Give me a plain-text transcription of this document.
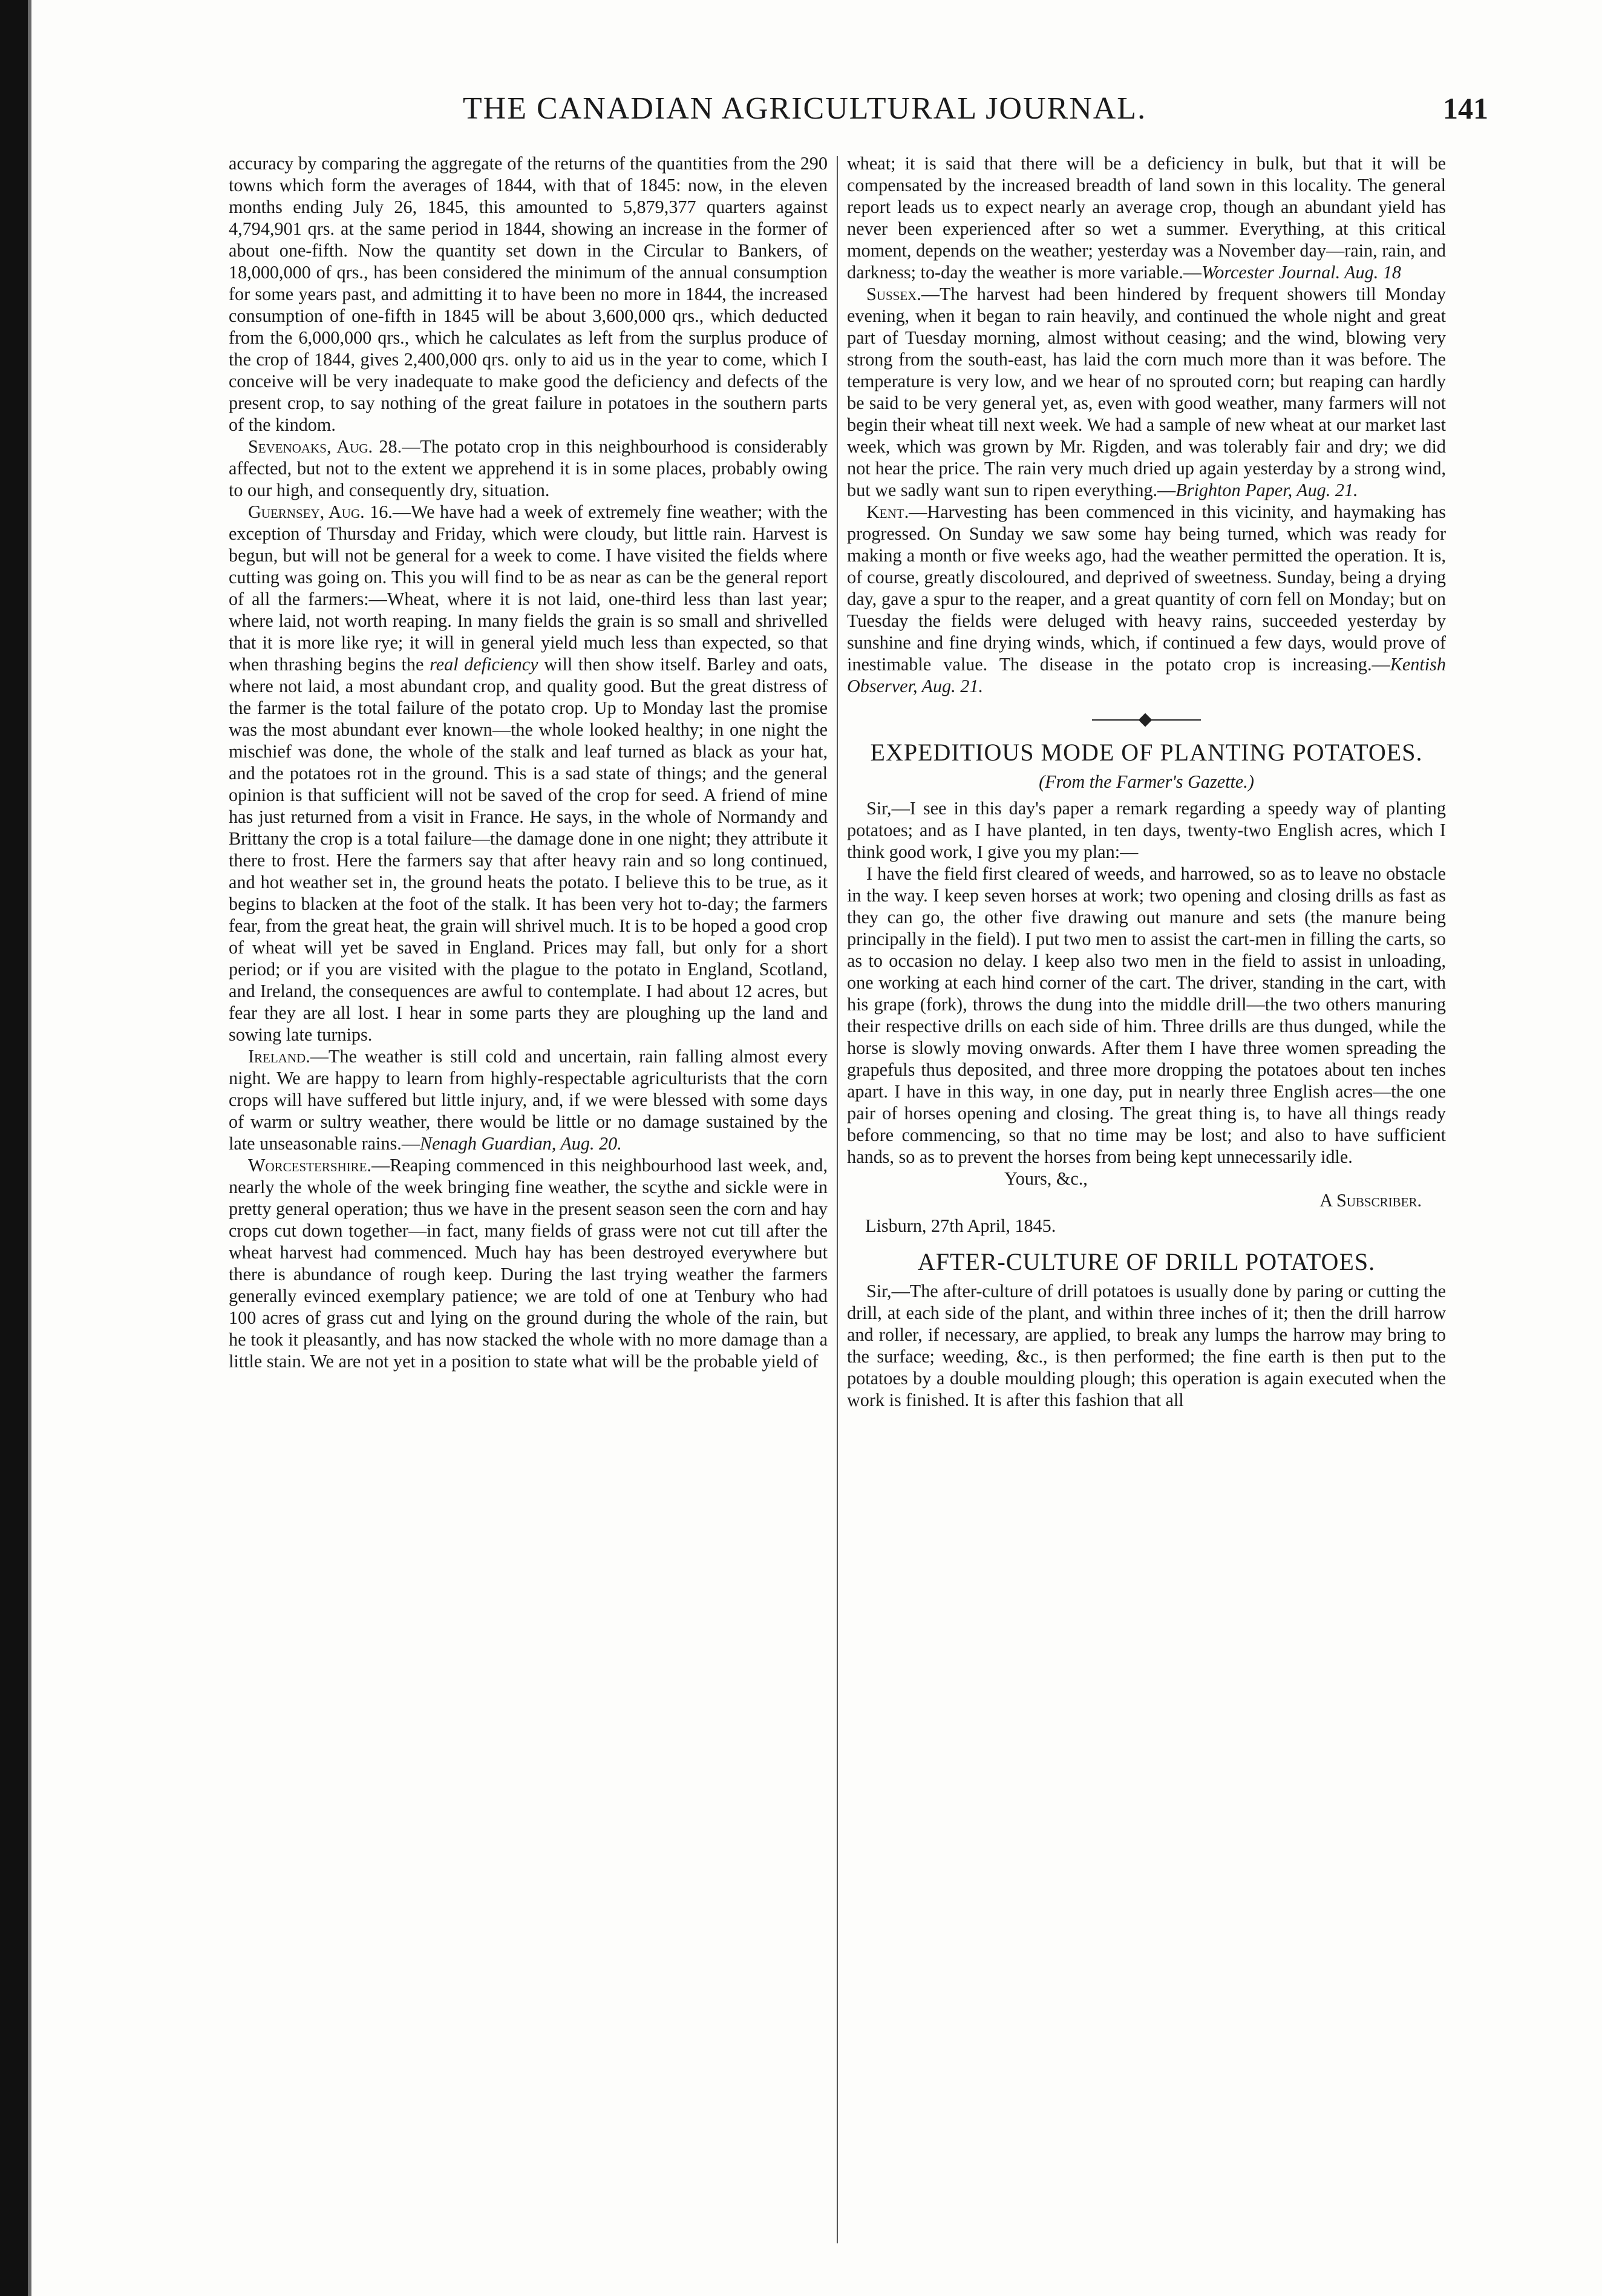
THE CANADIAN AGRICULTURAL JOURNAL.	141

accuracy by comparing the aggregate of the returns of the quantities from the 290 towns which form the averages of 1844, with that of 1845: now, in the eleven months ending July 26, 1845, this amounted to 5,879,377 quarters against 4,794,901 qrs. at the same period in 1844, showing an increase in the former of about one-fifth. Now the quantity set down in the Circular to Bankers, of 18,000,000 of qrs., has been considered the minimum of the annual consumption for some years past, and admitting it to have been no more in 1844, the increased consumption of one-fifth in 1845 will be about 3,600,000 qrs., which deducted from the 6,000,000 qrs., which he calculates as left from the surplus produce of the crop of 1844, gives 2,400,000 qrs. only to aid us in the year to come, which I conceive will be very inadequate to make good the deficiency and defects of the present crop, to say nothing of the great failure in potatoes in the southern parts of the kindom.

Sevenoaks, Aug. 28.—The potato crop in this neighbourhood is considerably affected, but not to the extent we apprehend it is in some places, probably owing to our high, and consequently dry, situation.

Guernsey, Aug. 16.—We have had a week of extremely fine weather; with the exception of Thursday and Friday, which were cloudy, but little rain. Harvest is begun, but will not be general for a week to come. I have visited the fields where cutting was going on. This you will find to be as near as can be the general report of all the farmers:—Wheat, where it is not laid, one-third less than last year; where laid, not worth reaping. In many fields the grain is so small and shrivelled that it is more like rye; it will in general yield much less than expected, so that when thrashing begins the real deficiency will then show itself. Barley and oats, where not laid, a most abundant crop, and quality good. But the great distress of the farmer is the total failure of the potato crop. Up to Monday last the promise was the most abundant ever known—the whole looked healthy; in one night the mischief was done, the whole of the stalk and leaf turned as black as your hat, and the potatoes rot in the ground. This is a sad state of things; and the general opinion is that sufficient will not be saved of the crop for seed. A friend of mine has just returned from a visit in France. He says, in the whole of Normandy and Brittany the crop is a total failure—the damage done in one night; they attribute it there to frost. Here the farmers say that after heavy rain and so long continued, and hot weather set in, the ground heats the potato. I believe this to be true, as it begins to blacken at the foot of the stalk. It has been very hot to-day; the farmers fear, from the great heat, the grain will shrivel much. It is to be hoped a good crop of wheat will yet be saved in England. Prices may fall, but only for a short period; or if you are visited with the plague to the potato in England, Scotland, and Ireland, the consequences are awful to contemplate. I had about 12 acres, but fear they are all lost. I hear in some parts they are ploughing up the land and sowing late turnips.

Ireland.—The weather is still cold and uncertain, rain falling almost every night. We are happy to learn from highly-respectable agriculturists that the corn crops will have suffered but little injury, and, if we were blessed with some days of warm or sultry weather, there would be little or no damage sustained by the late unseasonable rains.—Nenagh Guardian, Aug. 20.

Worcestershire.—Reaping commenced in this neighbourhood last week, and, nearly the whole of the week bringing fine weather, the scythe and sickle were in pretty general operation; thus we have in the present season seen the corn and hay crops cut down together—in fact, many fields of grass were not cut till after the wheat harvest had commenced. Much hay has been destroyed everywhere but there is abundance of rough keep. During the last trying weather the farmers generally evinced exemplary patience; we are told of one at Tenbury who had 100 acres of grass cut and lying on the ground during the whole of the rain, but he took it pleasantly, and has now stacked the whole with no more damage than a little stain. We are not yet in a position to state what will be the probable yield of

wheat; it is said that there will be a deficiency in bulk, but that it will be compensated by the increased breadth of land sown in this locality. The general report leads us to expect nearly an average crop, though an abundant yield has never been experienced after so wet a summer. Everything, at this critical moment, depends on the weather; yesterday was a November day—rain, rain, and darkness; to-day the weather is more variable.—Worcester Journal. Aug. 18

Sussex.—The harvest had been hindered by frequent showers till Monday evening, when it began to rain heavily, and continued the whole night and great part of Tuesday morning, almost without ceasing; and the wind, blowing very strong from the south-east, has laid the corn much more than it was before. The temperature is very low, and we hear of no sprouted corn; but reaping can hardly be said to be very general yet, as, even with good weather, many farmers will not begin their wheat till next week. We had a sample of new wheat at our market last week, which was grown by Mr. Rigden, and was tolerably fair and dry; we did not hear the price. The rain very much dried up again yesterday by a strong wind, but we sadly want sun to ripen everything.—Brighton Paper, Aug. 21.

Kent.—Harvesting has been commenced in this vicinity, and haymaking has progressed. On Sunday we saw some hay being turned, which was ready for making a month or five weeks ago, had the weather permitted the operation. It is, of course, greatly discoloured, and deprived of sweetness. Sunday, being a drying day, gave a spur to the reaper, and a great quantity of corn fell on Monday; but on Tuesday the fields were deluged with heavy rains, succeeded yesterday by sunshine and fine drying winds, which, if continued a few days, would prove of inestimable value. The disease in the potato crop is increasing.—Kentish Observer, Aug. 21.

EXPEDITIOUS MODE OF PLANTING POTATOES.

(From the Farmer's Gazette.)

Sir,—I see in this day's paper a remark regarding a speedy way of planting potatoes; and as I have planted, in ten days, twenty-two English acres, which I think good work, I give you my plan:—

I have the field first cleared of weeds, and harrowed, so as to leave no obstacle in the way. I keep seven horses at work; two opening and closing drills as fast as they can go, the other five drawing out manure and sets (the manure being principally in the field). I put two men to assist the cart-men in filling the carts, so as to occasion no delay. I keep also two men in the field to assist in unloading, one working at each hind corner of the cart. The driver, standing in the cart, with his grape (fork), throws the dung into the middle drill—the two others manuring their respective drills on each side of him. Three drills are thus dunged, while the horse is slowly moving onwards. After them I have three women spreading the grapefuls thus deposited, and three more dropping the potatoes about ten inches apart. I have in this way, in one day, put in nearly three English acres—the one pair of horses opening and closing. The great thing is, to have all things ready before commencing, so that no time may be lost; and also to have sufficient hands, so as to prevent the horses from being kept unnecessarily idle.

Yours, &c.,

A Subscriber.

Lisburn, 27th April, 1845.

AFTER-CULTURE OF DRILL POTATOES.

Sir,—The after-culture of drill potatoes is usually done by paring or cutting the drill, at each side of the plant, and within three inches of it; then the drill harrow and roller, if necessary, are applied, to break any lumps the harrow may bring to the surface; weeding, &c., is then performed; the fine earth is then put to the potatoes by a double moulding plough; this operation is again executed when the work is finished. It is after this fashion that all
